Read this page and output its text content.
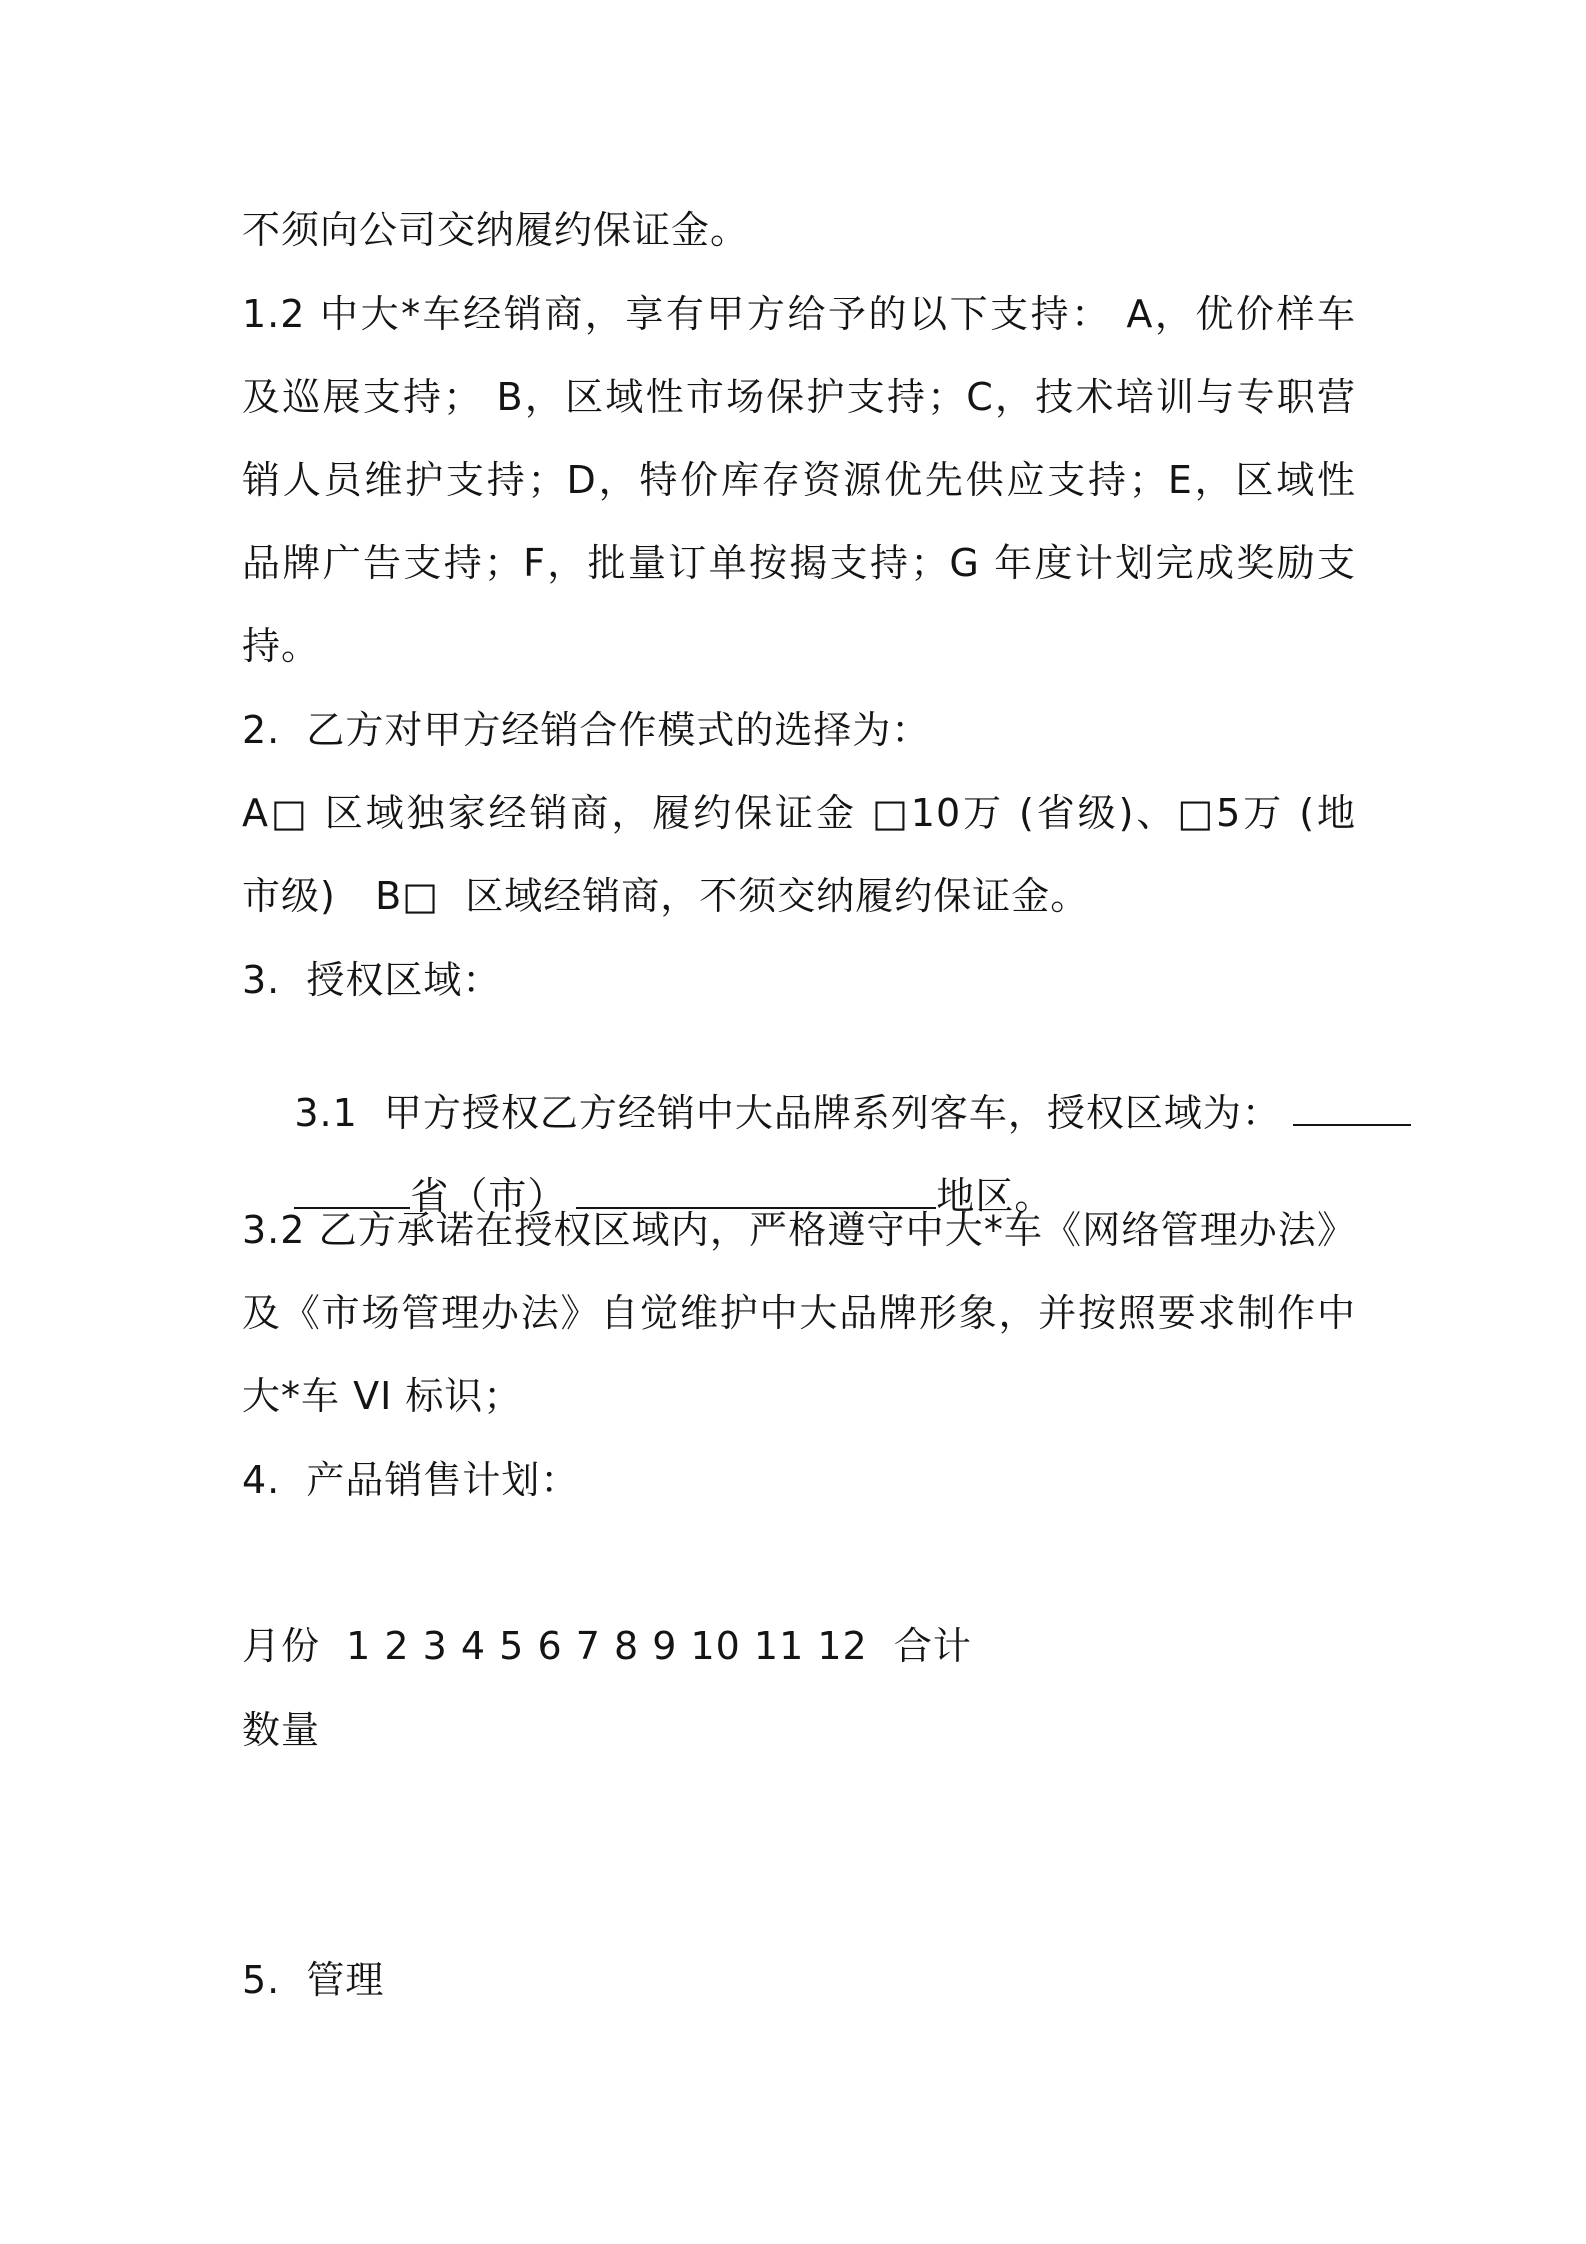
不须向公司交纳履约保证金。
1.2 中大*车经销商，享有甲方给予的以下支持： A，优价样车
及巡展支持； B，区域性市场保护支持；C，技术培训与专职营
销人员维护支持；D，特价库存资源优先供应支持；E，区域性
品牌广告支持；F，批量订单按揭支持；G 年度计划完成奖励支
持。
2.  乙方对甲方经销合作模式的选择为：
A□ 区域独家经销商，履约保证金 □10万 (省级)、□5万 (地
市级)   B□  区域经销商，不须交纳履约保证金。
3.  授权区域：

3.1  甲方授权乙方经销中大品牌系列客车，授权区域为：

省（市）	地区。

3.2 乙方承诺在授权区域内，严格遵守中大*车《网络管理办法》
及《市场管理办法》自觉维护中大品牌形象，并按照要求制作中
大*车 VI 标识；
4.  产品销售计划：
月份  1 2 3 4 5 6 7 8 9 10 11 12  合计
数量
5.  管理
